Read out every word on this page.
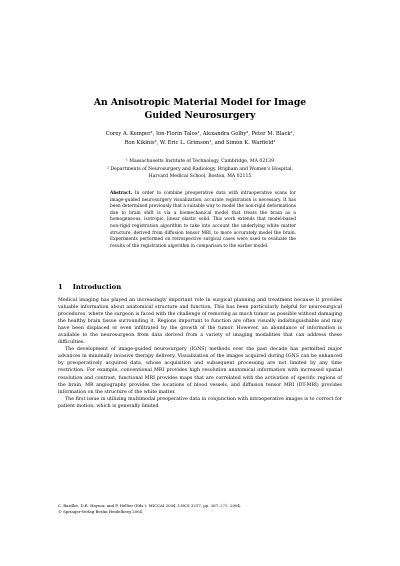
An Anisotropic Material Model for Image
Guided Neurosurgery
Corey A. Kemper¹, Ion-Florin Talos², Alexandra Golby², Peter M. Black²,
Ron Kikinis², W. Eric L. Grimson¹, and Simon K. Warfield²
¹ Massachusetts Institute of Technology, Cambridge, MA 02139
² Departments of Neurosurgery and Radiology, Brigham and Women’s Hospital,
Harvard Medical School, Boston, MA 02115
Abstract. In order to combine preoperative data with intraoperative scans for image-guided neurosurgery visualization, accurate registration is necessary. It has been determined previously that a suitable way to model the non-rigid deformations due to brain shift is via a biomechanical model that treats the brain as a homogeneous, isotropic, linear elastic solid. This work extends that model-based non-rigid registration algorithm to take into account the underlying white matter structure, derived from diffusion tensor MRI, to more accurately model the brain. Experiments performed on retrospective surgical cases were used to evaluate the results of the registration algorithm in comparison to the earlier model.
1 Introduction

Medical imaging has played an increasingly important role in surgical planning and treatment because it provides valuable information about anatomical structure and function. This has been particularly helpful for neurosurgical procedures, where the surgeon is faced with the challenge of removing as much tumor as possible without damaging the healthy brain tissue surrounding it. Regions important to function are often visually indistinguishable and may have been displaced or even infiltrated by the growth of the tumor. However, an abundance of information is available to the neurosurgeon from data derived from a variety of imaging modalities that can address these difficulties.

The development of image-guided neurosurgery (IGNS) methods over the past decade has permitted major advances in minimally invasive therapy delivery. Visualization of the images acquired during IGNS can be enhanced by preoperatively acquired data, whose acquisition and subsequent processing are not limited by any time restriction. For example, conventional MRI provides high resolution anatomical information with increased spatial resolution and contrast, functional MRI provides maps that are correlated with the activation of specific regions of the brain, MR angiography provides the locations of blood vessels, and diffusion tensor MRI (DT-MRI) provides information on the structure of the white matter.

The first issue in utilizing multimodal preoperative data in conjunction with intraoperative images is to correct for patient motion, which is generally limited

C. Barillot, D.R. Haynor, and P. Hellier (Eds.): MICCAI 2004, LNCS 3217, pp. 267–275, 2004.
© Springer-Verlag Berlin Heidelberg 2004
